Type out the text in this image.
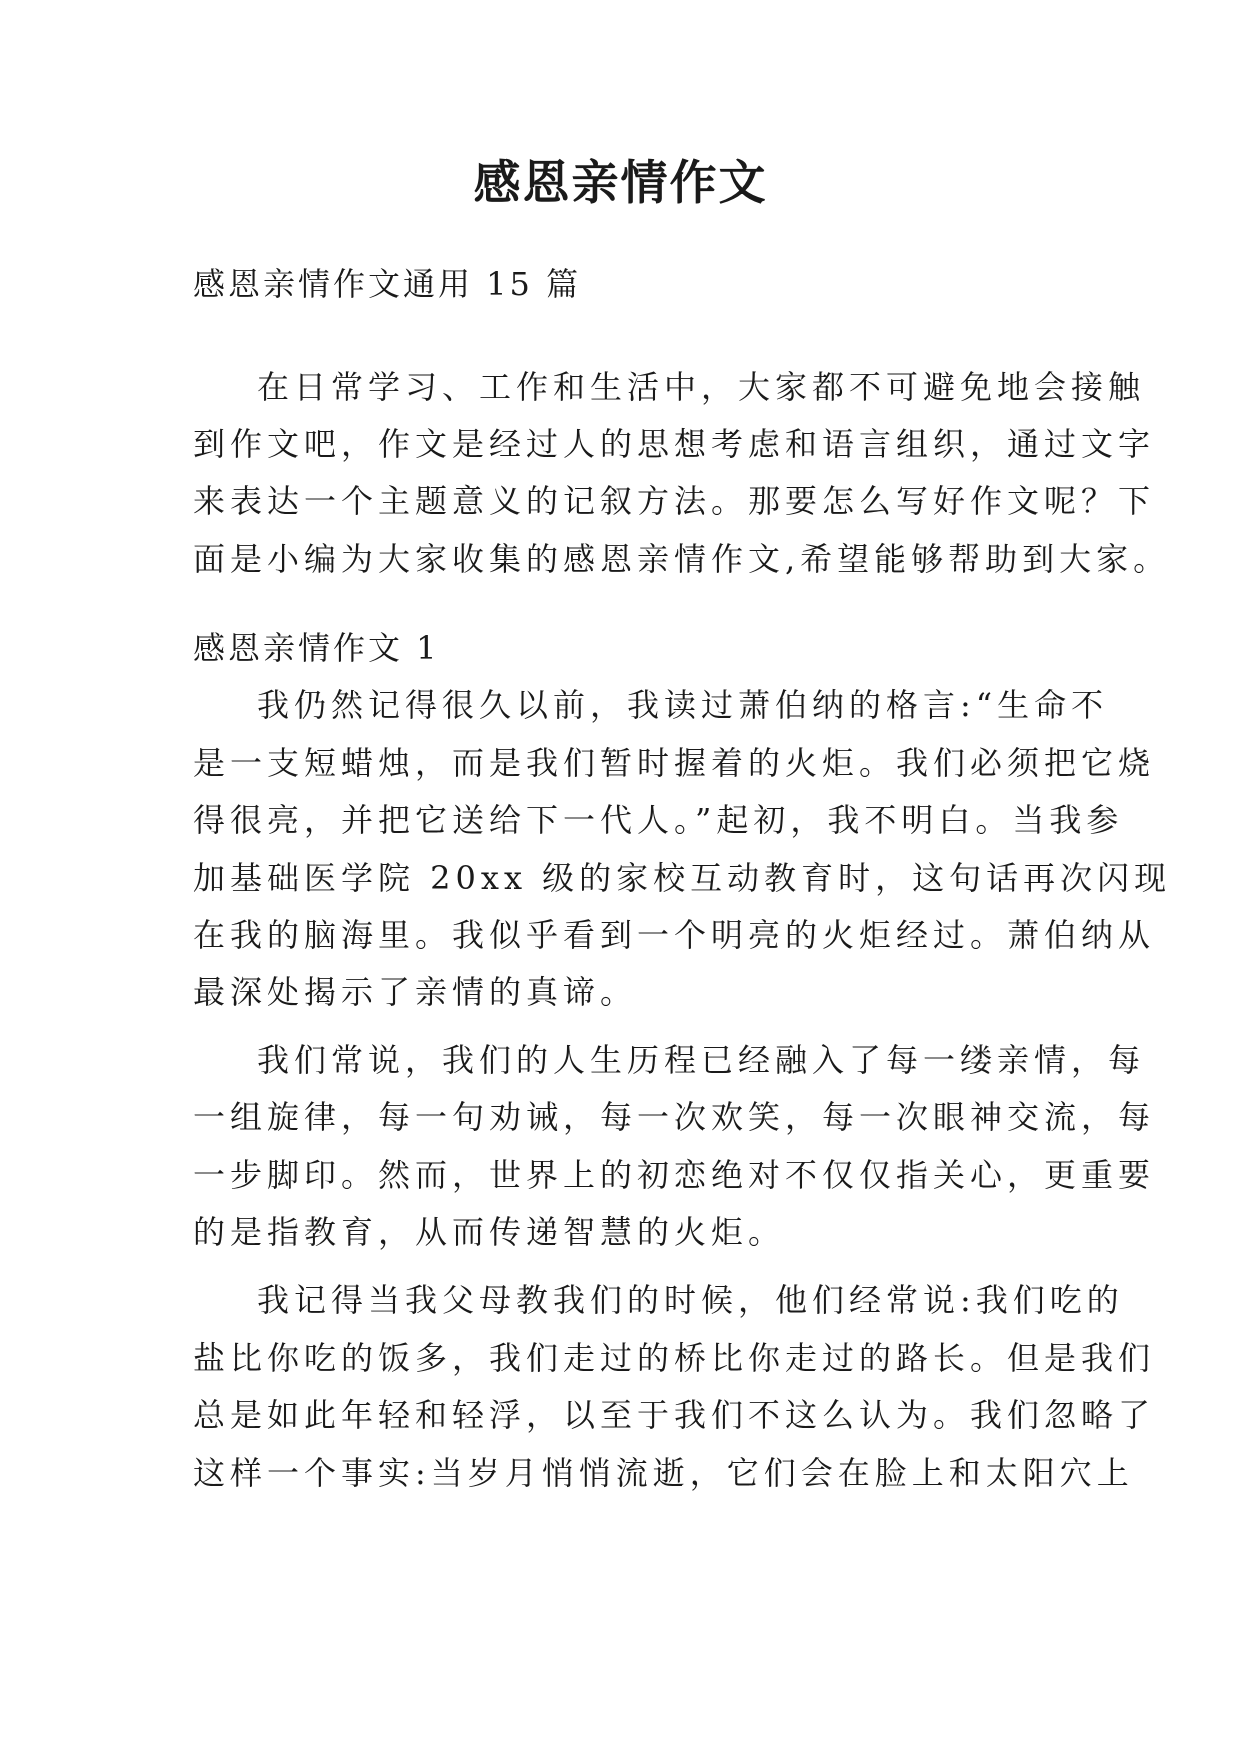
感恩亲情作文
感恩亲情作文通用 15 篇
在日常学习、工作和生活中，大家都不可避免地会接触
到作文吧，作文是经过人的思想考虑和语言组织，通过文字
来表达一个主题意义的记叙方法。那要怎么写好作文呢？下
面是小编为大家收集的感恩亲情作文,希望能够帮助到大家。
感恩亲情作文 1
我仍然记得很久以前，我读过萧伯纳的格言:“生命不
是一支短蜡烛，而是我们暂时握着的火炬。我们必须把它烧
得很亮，并把它送给下一代人。”起初，我不明白。当我参
加基础医学院 20xx 级的家校互动教育时，这句话再次闪现
在我的脑海里。我似乎看到一个明亮的火炬经过。萧伯纳从
最深处揭示了亲情的真谛。
我们常说，我们的人生历程已经融入了每一缕亲情，每
一组旋律，每一句劝诫，每一次欢笑，每一次眼神交流，每
一步脚印。然而，世界上的初恋绝对不仅仅指关心，更重要
的是指教育，从而传递智慧的火炬。
我记得当我父母教我们的时候，他们经常说:我们吃的
盐比你吃的饭多，我们走过的桥比你走过的路长。但是我们
总是如此年轻和轻浮，以至于我们不这么认为。我们忽略了
这样一个事实:当岁月悄悄流逝，它们会在脸上和太阳穴上
